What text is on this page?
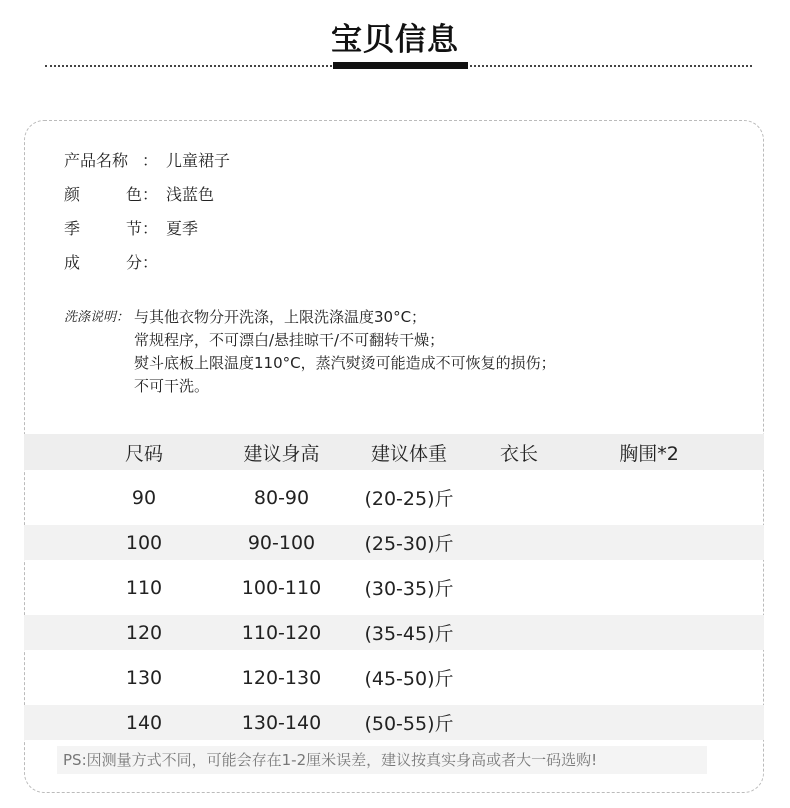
宝贝信息
产品名称 ： 儿童裙子
颜	色 ： 浅蓝色
季	节 ： 夏季
成	分 ：
洗涤说明： 与其他衣物分开洗涤，上限洗涤温度30°C；
常规程序，不可漂白/悬挂晾干/不可翻转干燥；
熨斗底板上限温度110°C，蒸汽熨烫可能造成不可恢复的损伤；
不可干洗。
尺码	建议身高	建议体重	衣长	胸围*2
90	80-90	(20-25)斤
100	90-100	(25-30)斤
110	100-110	(30-35)斤
120	110-120	(35-45)斤
130	120-130	(45-50)斤
140	130-140	(50-55)斤
PS:因测量方式不同，可能会存在1-2厘米误差，建议按真实身高或者大一码选购!
